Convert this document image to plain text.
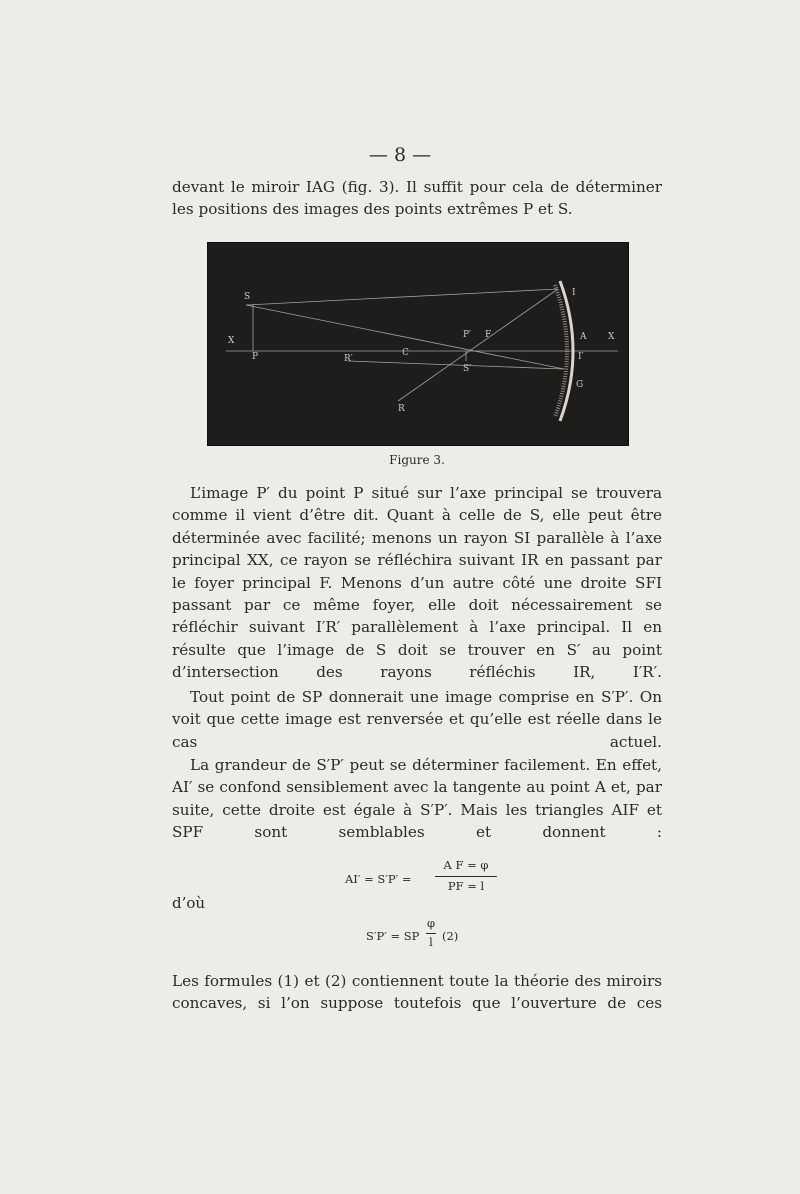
— 8 —
devant le miroir IAG (fig. 3). Il suffit pour cela de déterminer les positions des images des points extrêmes P et S.
S
X
P	R′
C
P′ F
S′
R
I
A X
I′
G
Figure 3.
L’image P′ du point P situé sur l’axe principal se trouvera comme il vient d’être dit. Quant à celle de S, elle peut être déterminée avec facilité; menons un rayon SI parallèle à l’axe principal XX, ce rayon se réfléchira suivant IR en passant par le foyer principal F. Menons d’un autre côté une droite SFI passant par ce même foyer, elle doit nécessairement se réfléchir suivant I′R′ parallèlement à l’axe principal. Il en résulte que l’image de S doit se trouver en S′ au point d’intersection des rayons réfléchis IR, I′R′.
Tout point de SP donnerait une image comprise en S′P′. On voit que cette image est renversée et qu’elle est réelle dans le cas actuel.
La grandeur de S′P′ peut se déterminer facilement. En effet, AI′ se confond sensiblement avec la tangente au point A et, par suite, cette droite est égale à S′P′. Mais les triangles AIF et SPF sont semblables et donnent :
AI′ = S′P′ =
A F = φ
PF = l
d’où
S′P′ = SP
φ
l (2)
Les formules (1) et (2) contiennent toute la théorie des miroirs concaves, si l’on suppose toutefois que l’ouverture de ces
